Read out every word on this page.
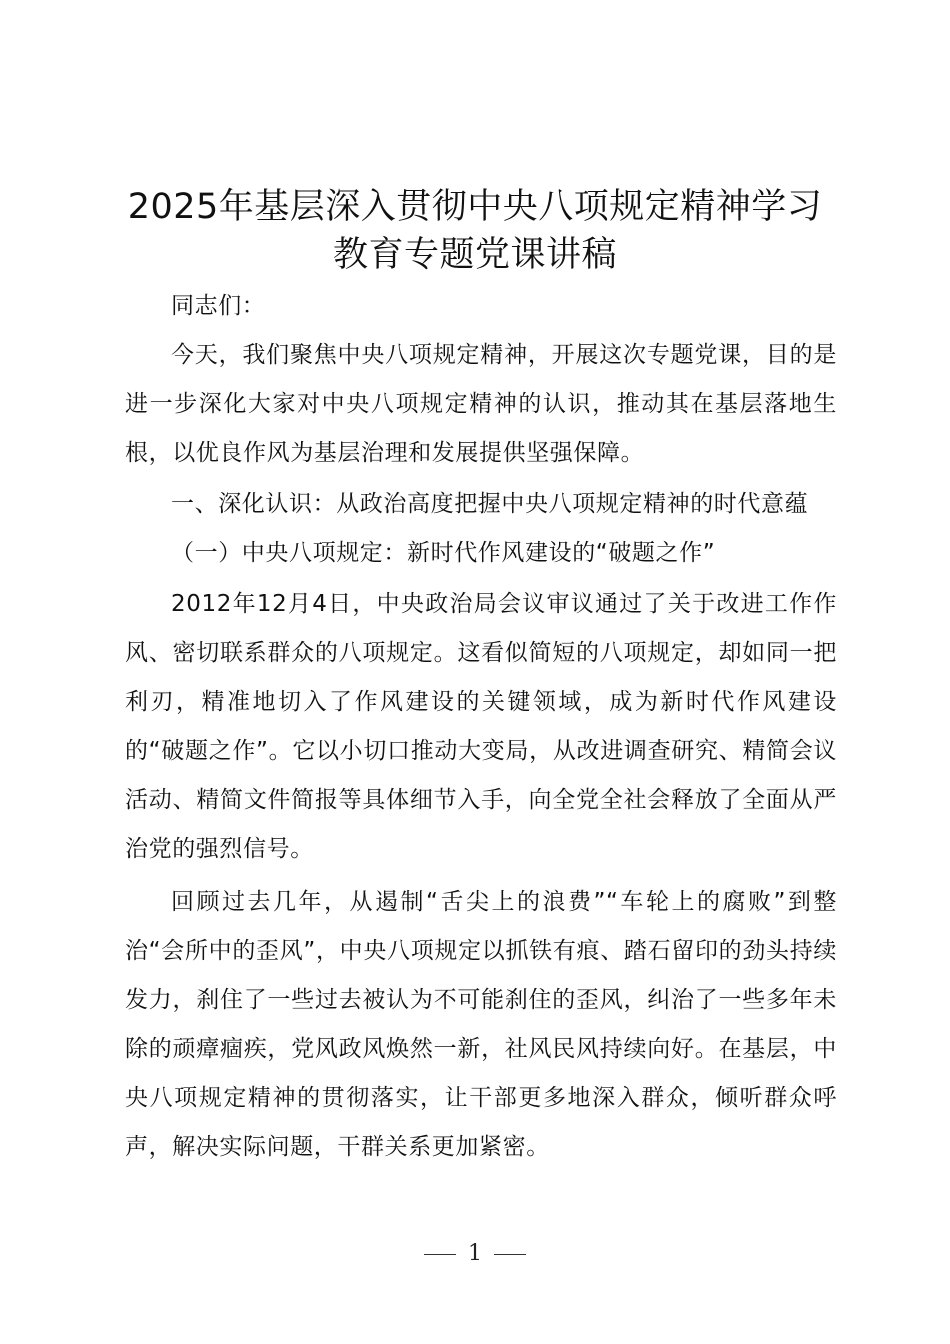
2025年基层深入贯彻中央八项规定精神学习
教育专题党课讲稿

同志们：

今天，我们聚焦中央八项规定精神，开展这次专题党课，目的是进一步深化大家对中央八项规定精神的认识，推动其在基层落地生根，以优良作风为基层治理和发展提供坚强保障。

一、深化认识：从政治高度把握中央八项规定精神的时代意蕴

（一）中央八项规定：新时代作风建设的“破题之作”

2012年12月4日，中央政治局会议审议通过了关于改进工作作风、密切联系群众的八项规定。这看似简短的八项规定，却如同一把利刃，精准地切入了作风建设的关键领域，成为新时代作风建设的“破题之作”。它以小切口推动大变局，从改进调查研究、精简会议活动、精简文件简报等具体细节入手，向全党全社会释放了全面从严治党的强烈信号。

回顾过去几年，从遏制“舌尖上的浪费”“车轮上的腐败”到整治“会所中的歪风”，中央八项规定以抓铁有痕、踏石留印的劲头持续发力，刹住了一些过去被认为不可能刹住的歪风，纠治了一些多年未除的顽瘴痼疾，党风政风焕然一新，社风民风持续向好。在基层，中央八项规定精神的贯彻落实，让干部更多地深入群众，倾听群众呼声，解决实际问题，干群关系更加紧密。

1
